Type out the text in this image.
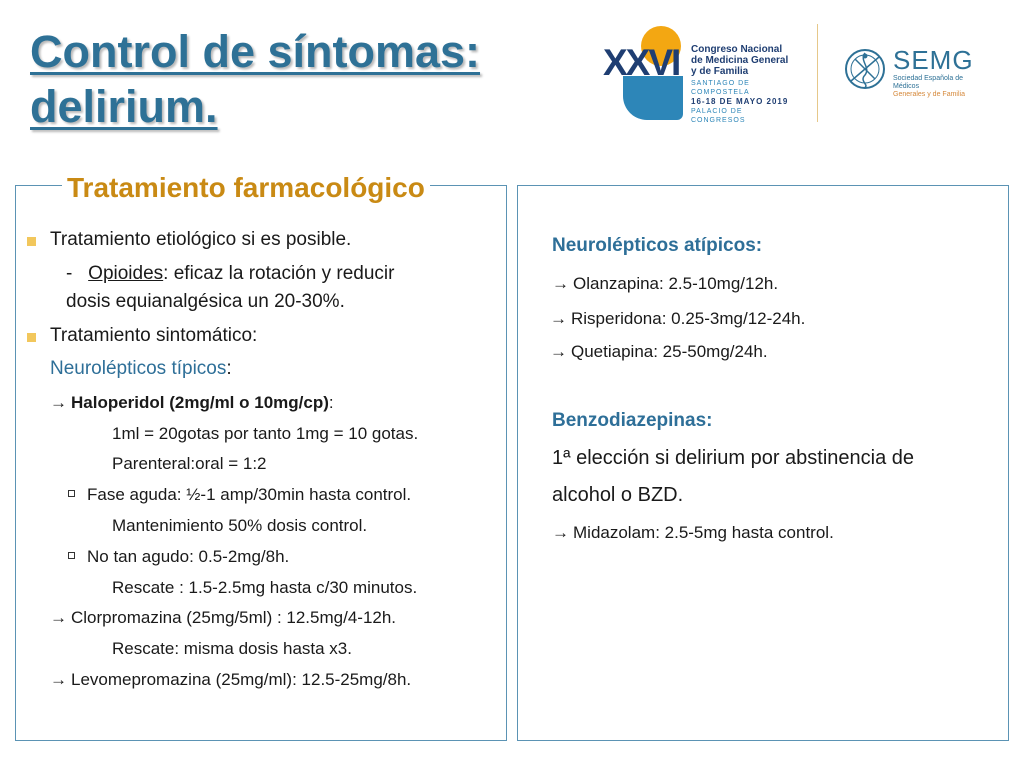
Control de síntomas:
delirium.
XXVI Congreso Nacional
de Medicina General
y de Familia
SANTIAGO DE COMPOSTELA
16-18 DE MAYO 2019
PALACIO DE CONGRESOS
SEMG
Sociedad Española de Médicos
Generales y de Familia
Tratamiento farmacológico
Tratamiento etiológico si es posible.
- Opioides: eficaz la rotación y reducir
dosis equianalgésica un 20-30%.
Tratamiento sintomático:
Neurolépticos típicos:
→ Haloperidol (2mg/ml o 10mg/cp):
1ml = 20gotas por tanto 1mg = 10 gotas.
Parenteral:oral = 1:2
Fase aguda: ½-1 amp/30min hasta control.
Mantenimiento 50% dosis control.
No tan agudo: 0.5-2mg/8h.
Rescate : 1.5-2.5mg hasta c/30 minutos.
→ Clorpromazina (25mg/5ml) : 12.5mg/4-12h.
Rescate: misma dosis hasta x3.
→ Levomepromazina (25mg/ml): 12.5-25mg/8h.
Neurolépticos atípicos:
→ Olanzapina: 2.5-10mg/12h.
→ Risperidona: 0.25-3mg/12-24h.
→ Quetiapina: 25-50mg/24h.
Benzodiazepinas:
1ª elección si delirium por abstinencia de
alcohol o BZD.
→ Midazolam: 2.5-5mg hasta control.
